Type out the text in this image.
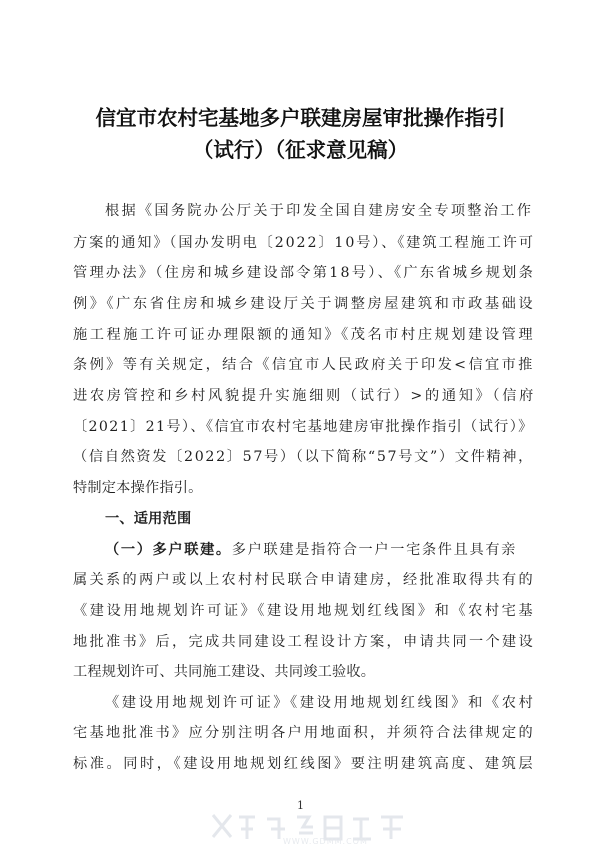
信宜市农村宅基地多户联建房屋审批操作指引
（试行）（征求意见稿）
根据《国务院办公厅关于印发全国自建房安全专项整治工作
方案的通知》（国办发明电〔2022〕10号）、《建筑工程施工许可
管理办法》（住房和城乡建设部令第18号）、《广东省城乡规划条
例》《广东省住房和城乡建设厅关于调整房屋建筑和市政基础设
施工程施工许可证办理限额的通知》《茂名市村庄规划建设管理
条例》等有关规定，结合《信宜市人民政府关于印发<信宜市推
进农房管控和乡村风貌提升实施细则（试行）>的通知》（信府
〔2021〕21号）、《信宜市农村宅基地建房审批操作指引（试行）》
（信自然资发〔2022〕57号）（以下简称“57号文”）文件精神，
特制定本操作指引。
一、适用范围
（一）多户联建。多户联建是指符合一户一宅条件且具有亲
属关系的两户或以上农村村民联合申请建房，经批准取得共有的
《建设用地规划许可证》《建设用地规划红线图》和《农村宅基
地批准书》后，完成共同建设工程设计方案，申请共同一个建设
工程规划许可、共同施工建设、共同竣工验收。
《建设用地规划许可证》《建设用地规划红线图》和《农村
宅基地批准书》应分别注明各户用地面积，并须符合法律规定的
标准。同时，《建设用地规划红线图》要注明建筑高度、建筑层
1
WWW.GDMM.COM
